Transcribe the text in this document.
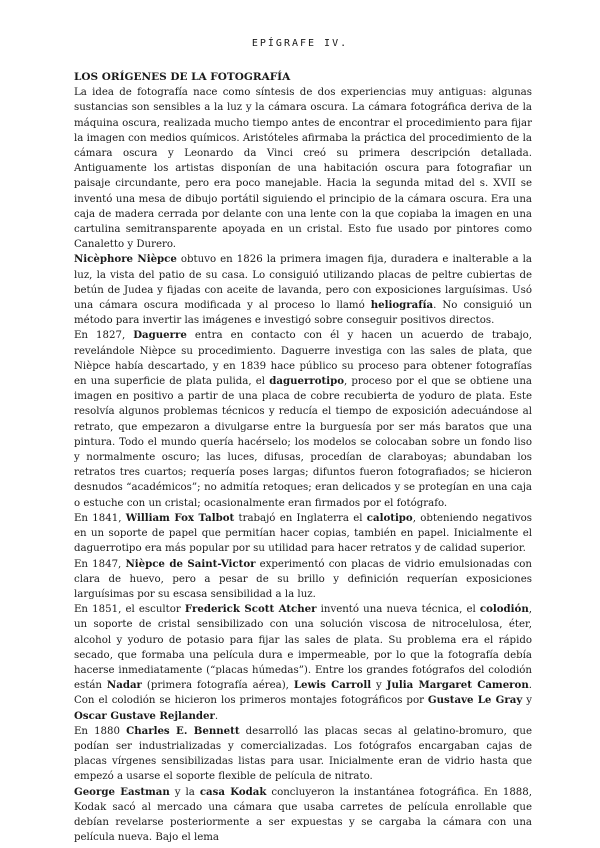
EPÍGRAFE IV.

LOS ORÍGENES DE LA FOTOGRAFÍA

La idea de fotografía nace como síntesis de dos experiencias muy antiguas: algunas sustancias son sensibles a la luz y la cámara oscura. La cámara fotográfica deriva de la máquina oscura, realizada mucho tiempo antes de encontrar el procedimiento para fijar la imagen con medios químicos. Aristóteles afirmaba la práctica del procedimiento de la cámara oscura y Leonardo da Vinci creó su primera descripción detallada. Antiguamente los artistas disponían de una habitación oscura para fotografiar un paisaje circundante, pero era poco manejable. Hacia la segunda mitad del s. XVII se inventó una mesa de dibujo portátil siguiendo el principio de la cámara oscura. Era una caja de madera cerrada por delante con una lente con la que copiaba la imagen en una cartulina semitransparente apoyada en un cristal. Esto fue usado por pintores como Canaletto y Durero.

Nicèphore Nièpce obtuvo en 1826 la primera imagen fija, duradera e inalterable a la luz, la vista del patio de su casa. Lo consiguió utilizando placas de peltre cubiertas de betún de Judea y fijadas con aceite de lavanda, pero con exposiciones larguísimas. Usó una cámara oscura modificada y al proceso lo llamó heliografía. No consiguió un método para invertir las imágenes e investigó sobre conseguir positivos directos.

En 1827, Daguerre entra en contacto con él y hacen un acuerdo de trabajo, revelándole Nièpce su procedimiento. Daguerre investiga con las sales de plata, que Nièpce había descartado, y en 1839 hace público su proceso para obtener fotografías en una superficie de plata pulida, el daguerrotipo, proceso por el que se obtiene una imagen en positivo a partir de una placa de cobre recubierta de yoduro de plata. Este resolvía algunos problemas técnicos y reducía el tiempo de exposición adecuándose al retrato, que empezaron a divulgarse entre la burguesía por ser más baratos que una pintura. Todo el mundo quería hacérselo; los modelos se colocaban sobre un fondo liso y normalmente oscuro; las luces, difusas, procedían de claraboyas; abundaban los retratos tres cuartos; requería poses largas; difuntos fueron fotografiados; se hicieron desnudos “académicos”; no admitía retoques; eran delicados y se protegían en una caja o estuche con un cristal; ocasionalmente eran firmados por el fotógrafo.

En 1841, William Fox Talbot trabajó en Inglaterra el calotipo, obteniendo negativos en un soporte de papel que permitían hacer copias, también en papel. Inicialmente el daguerrotipo era más popular por su utilidad para hacer retratos y de calidad superior.

En 1847, Nièpce de Saint-Victor experimentó con placas de vidrio emulsionadas con clara de huevo, pero a pesar de su brillo y definición requerían exposiciones larguísimas por su escasa sensibilidad a la luz.

En 1851, el escultor Frederick Scott Atcher inventó una nueva técnica, el colodión, un soporte de cristal sensibilizado con una solución viscosa de nitrocelulosa, éter, alcohol y yoduro de potasio para fijar las sales de plata. Su problema era el rápido secado, que formaba una película dura e impermeable, por lo que la fotografía debía hacerse inmediatamente (“placas húmedas”). Entre los grandes fotógrafos del colodión están Nadar (primera fotografía aérea), Lewis Carroll y Julia Margaret Cameron. Con el colodión se hicieron los primeros montajes fotográficos por Gustave Le Gray y Oscar Gustave Rejlander.

En 1880 Charles E. Bennett desarrolló las placas secas al gelatino-bromuro, que podían ser industrializadas y comercializadas. Los fotógrafos encargaban cajas de placas vírgenes sensibilizadas listas para usar. Inicialmente eran de vidrio hasta que empezó a usarse el soporte flexible de película de nitrato.

George Eastman y la casa Kodak concluyeron la instantánea fotográfica. En 1888, Kodak sacó al mercado una cámara que usaba carretes de película enrollable que debían revelarse posteriormente a ser expuestas y se cargaba la cámara con una película nueva. Bajo el lema
